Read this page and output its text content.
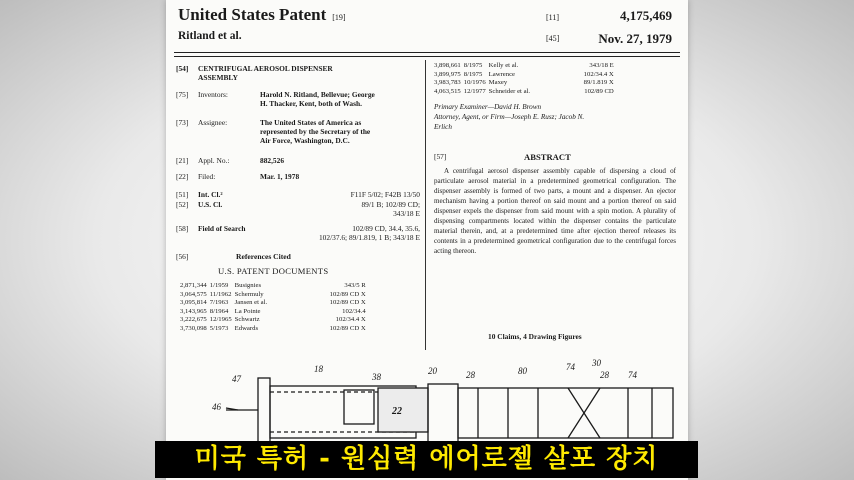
United States Patent [19]	[11]	4,175,469
Ritland et al.	[45]	Nov. 27, 1979
[54] CENTRIFUGAL AEROSOL DISPENSER
ASSEMBLY
[75] Inventors:	Harold N. Ritland, Bellevue; George
H. Thacker, Kent, both of Wash.
[73] Assignee:	The United States of America as
represented by the Secretary of the
Air Force, Washington, D.C.
[21] Appl. No.:	882,526
[22] Filed:	Mar. 1, 1978
[51] Int. Cl.²	F11F 5/02; F42B 13/50
[52] U.S. Cl.	89/1 B; 102/89 CD;
343/18 E
[58] Field of Search	102/89 CD, 34.4, 35.6,
102/37.6; 89/1.819, 1 B; 343/18 E
[56]	References Cited
U.S. PATENT DOCUMENTS
2,871,344	1/1959	Busignies	343/5 R
3,064,575	11/1962	Schermuly	102/89 CD X
3,095,814	7/1963	Jansen et al.	102/89 CD X
3,143,965	8/1964	La Pointe	102/34.4
3,222,675	12/1965	Schwartz	102/34.4 X
3,730,098	5/1973	Edwards	102/89 CD X
3,898,661	8/1975	Kelly et al.	343/18 E
3,899,975	8/1975	Lawrence	102/34.4 X
3,983,783	10/1976	Maxey	89/1.819 X
4,063,515	12/1977	Schneider et al.	102/89 CD
Primary Examiner—David H. Brown
Attorney, Agent, or Firm—Joseph E. Rusz; Jacob N.
Erlich
[57]	ABSTRACT
A centrifugal aerosol dispenser assembly capable of dispersing a cloud of particulate aerosol material in a predetermined geometrical configuration. The dispenser assembly is formed of two parts, a mount and a dispenser. An ejector mechanism having a portion thereof on said mount and a portion thereof on said dispenser expels the dispenser from said mount with a spin motion. A plurality of dispensing compartments located within the dispenser contains the particulate material therein, and, at a predetermined time after ejection thereof releases its contents in a predetermined geometrical configuration due to the centrifugal forces acting thereon.
10 Claims, 4 Drawing Figures
47
46
18
38
20
22
28	80	74 30
28 74
미국 특허 - 원심력 에어로젤 살포 장치
